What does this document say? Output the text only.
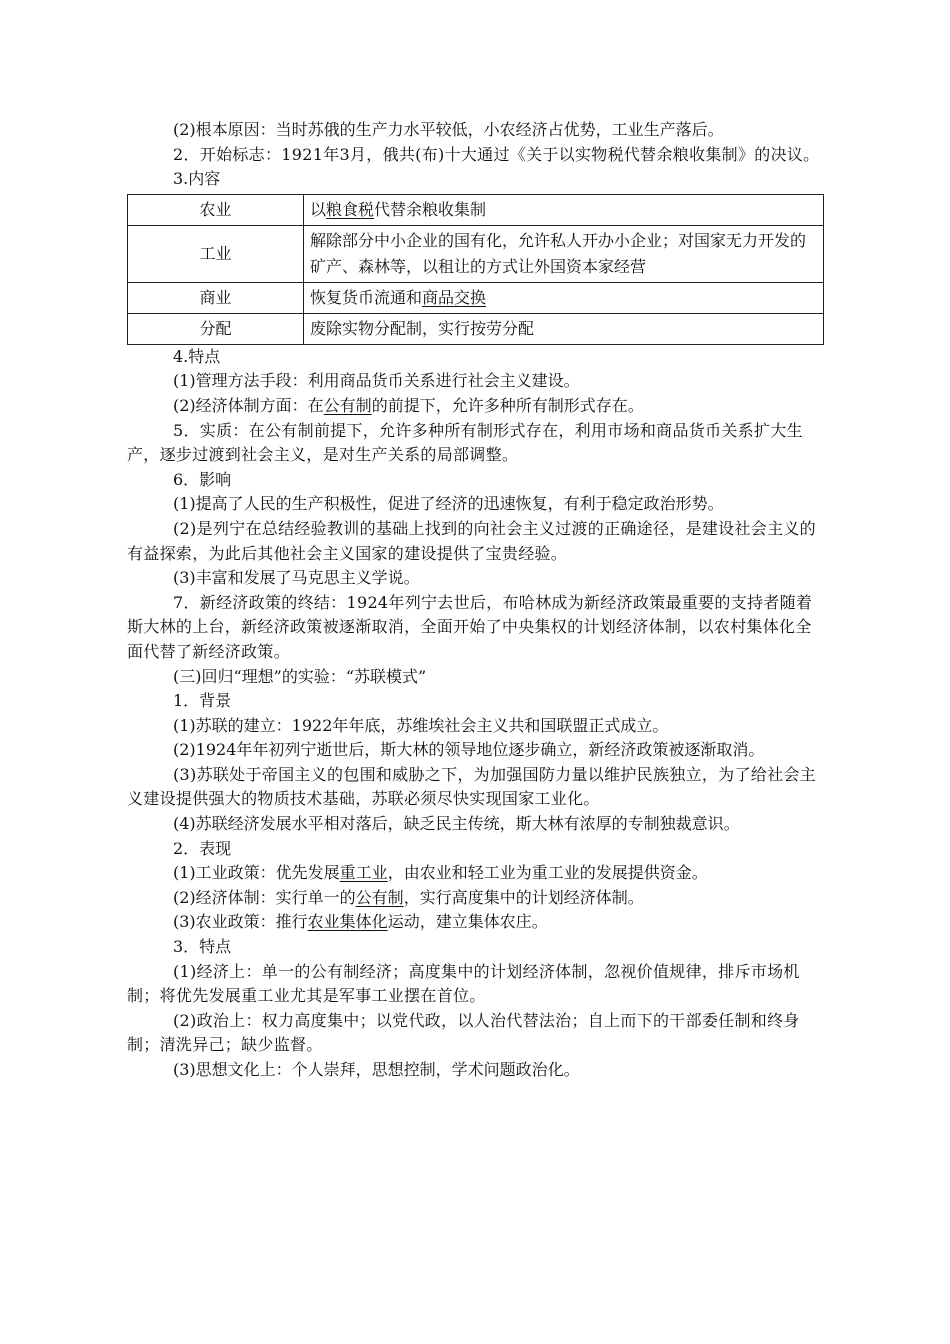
(2)根本原因：当时苏俄的生产力水平较低，小农经济占优势，工业生产落后。

2．开始标志：1921年3月，俄共(布)十大通过《关于以实物税代替余粮收集制》的决议。

3.内容

农业	以粮食税代替余粮收集制
工业	解除部分中小企业的国有化，允许私人开办小企业；对国家无力开发的矿产、森林等，以租让的方式让外国资本家经营
商业	恢复货币流通和商品交换
分配	废除实物分配制，实行按劳分配

4.特点

(1)管理方法手段：利用商品货币关系进行社会主义建设。

(2)经济体制方面：在公有制的前提下，允许多种所有制形式存在。

5．实质：在公有制前提下，允许多种所有制形式存在，利用市场和商品货币关系扩大生产，逐步过渡到社会主义，是对生产关系的局部调整。

6．影响

(1)提高了人民的生产积极性，促进了经济的迅速恢复，有利于稳定政治形势。

(2)是列宁在总结经验教训的基础上找到的向社会主义过渡的正确途径，是建设社会主义的有益探索，为此后其他社会主义国家的建设提供了宝贵经验。

(3)丰富和发展了马克思主义学说。

7．新经济政策的终结：1924年列宁去世后，布哈林成为新经济政策最重要的支持者随着斯大林的上台，新经济政策被逐渐取消，全面开始了中央集权的计划经济体制，以农村集体化全面代替了新经济政策。

(三)回归“理想”的实验：“苏联模式”

1．背景

(1)苏联的建立：1922年年底，苏维埃社会主义共和国联盟正式成立。

(2)1924年年初列宁逝世后，斯大林的领导地位逐步确立，新经济政策被逐渐取消。

(3)苏联处于帝国主义的包围和威胁之下，为加强国防力量以维护民族独立，为了给社会主义建设提供强大的物质技术基础，苏联必须尽快实现国家工业化。

(4)苏联经济发展水平相对落后，缺乏民主传统，斯大林有浓厚的专制独裁意识。

2．表现

(1)工业政策：优先发展重工业，由农业和轻工业为重工业的发展提供资金。

(2)经济体制：实行单一的公有制，实行高度集中的计划经济体制。

(3)农业政策：推行农业集体化运动，建立集体农庄。

3．特点

(1)经济上：单一的公有制经济；高度集中的计划经济体制，忽视价值规律，排斥市场机制；将优先发展重工业尤其是军事工业摆在首位。

(2)政治上：权力高度集中；以党代政，以人治代替法治；自上而下的干部委任制和终身制；清洗异己；缺少监督。

(3)思想文化上：个人崇拜，思想控制，学术问题政治化。
